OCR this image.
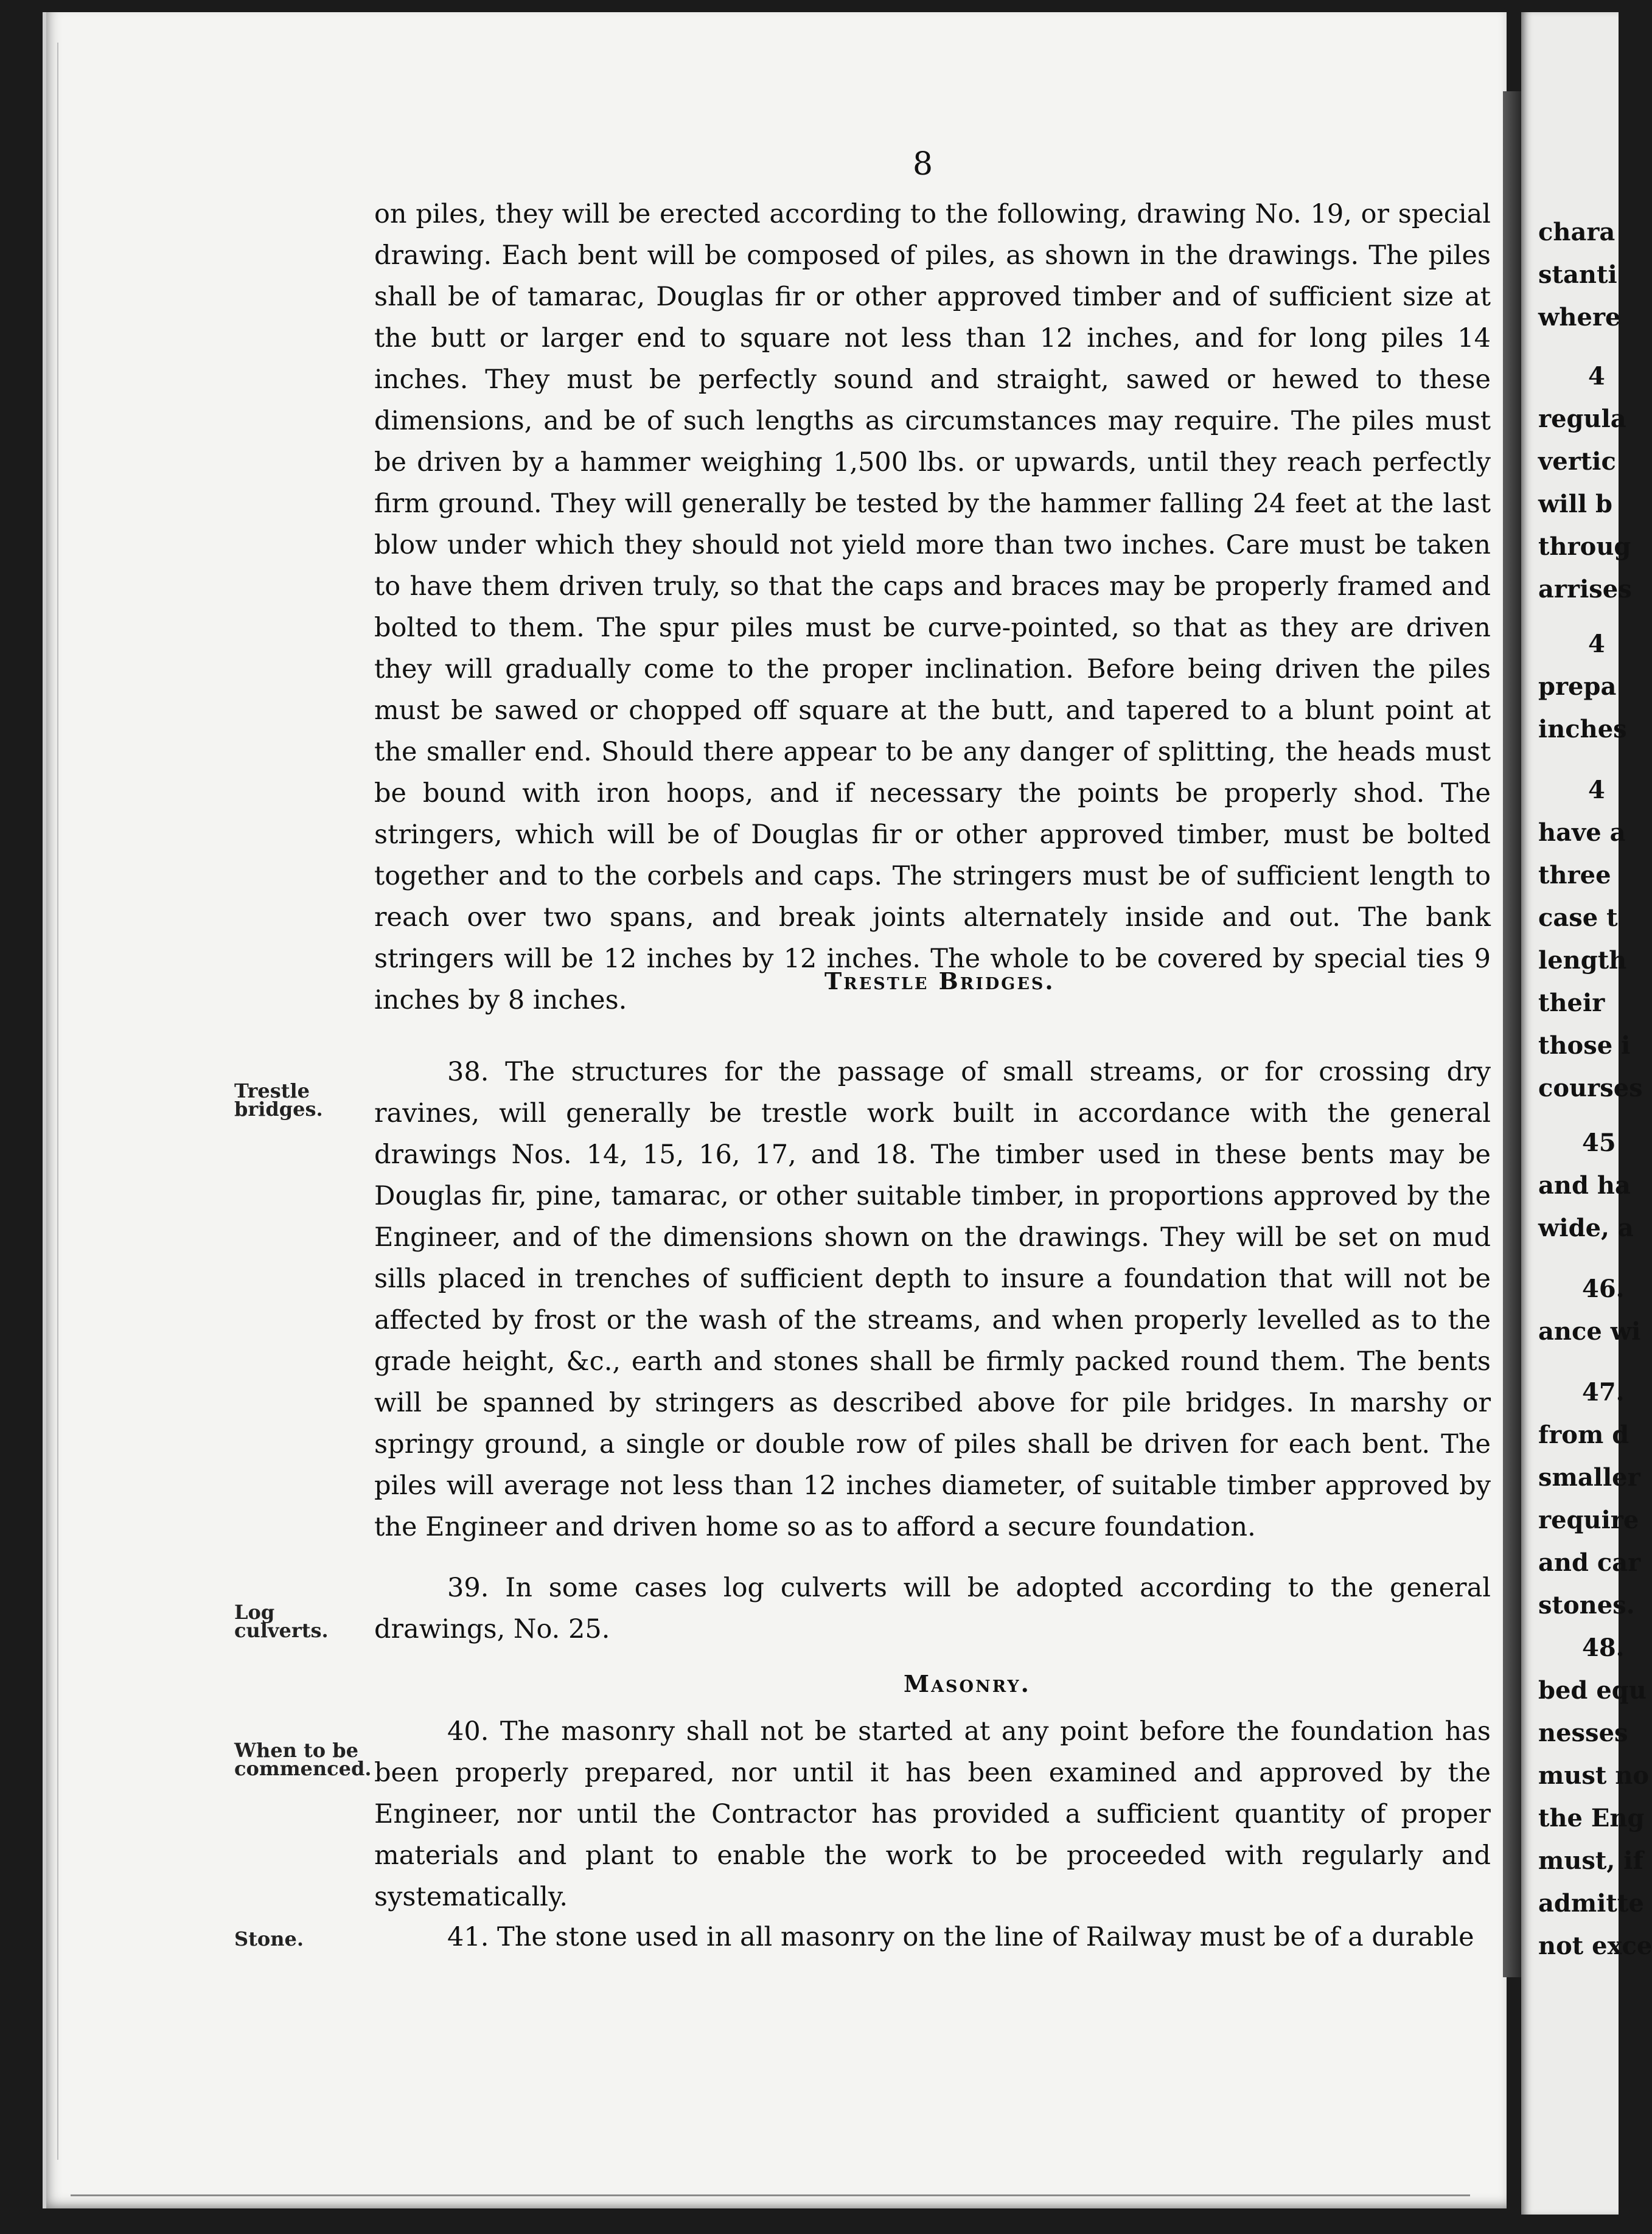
8

on piles, they will be erected according to the following, drawing No. 19, or special drawing. Each bent will be composed of piles, as shown in the drawings. The piles shall be of tamarac, Douglas fir or other approved timber and of sufficient size at the butt or larger end to square not less than 12 inches, and for long piles 14 inches. They must be perfectly sound and straight, sawed or hewed to these dimensions, and be of such lengths as circumstances may require. The piles must be driven by a hammer weighing 1,500 lbs. or upwards, until they reach perfectly firm ground. They will generally be tested by the hammer falling 24 feet at the last blow under which they should not yield more than two inches. Care must be taken to have them driven truly, so that the caps and braces may be properly framed and bolted to them. The spur piles must be curve-pointed, so that as they are driven they will gradually come to the proper inclination. Before being driven the piles must be sawed or chopped off square at the butt, and tapered to a blunt point at the smaller end. Should there appear to be any danger of splitting, the heads must be bound with iron hoops, and if necessary the points be properly shod. The stringers, which will be of Douglas fir or other approved timber, must be bolted together and to the corbels and caps. The stringers must be of sufficient length to reach over two spans, and break joints alternately inside and out. The bank stringers will be 12 inches by 12 inches. The whole to be covered by special ties 9 inches by 8 inches.

Trestle Bridges.
Trestle bridges.

38. The structures for the passage of small streams, or for crossing dry ravines, will generally be trestle work built in accordance with the general drawings Nos. 14, 15, 16, 17, and 18. The timber used in these bents may be Douglas fir, pine, tamarac, or other suitable timber, in proportions approved by the Engineer, and of the dimensions shown on the drawings. They will be set on mud sills placed in trenches of sufficient depth to insure a foundation that will not be affected by frost or the wash of the streams, and when properly levelled as to the grade height, &c., earth and stones shall be firmly packed round them. The bents will be spanned by stringers as described above for pile bridges. In marshy or springy ground, a single or double row of piles shall be driven for each bent. The piles will average not less than 12 inches diameter, of suitable timber approved by the Engineer and driven home so as to afford a secure foundation.

Log culverts.

39. In some cases log culverts will be adopted according to the general drawings, No. 25.

Masonry.
When to be commenced.

40. The masonry shall not be started at any point before the foundation has been properly prepared, nor until it has been examined and approved by the Engineer, nor until the Contractor has provided a sufficient quantity of proper materials and plant to enable the work to be proceeded with regularly and systematically.

Stone.	41. The stone used in all masonry on the line of Railway must be of a durable

chara
stanti
where
4
regula
vertic
will b
throug
arrises
4
prepa
inches
4
have a
three
case t
length
their
those i
courses
45
and ha
wide, a
46.
ance wi
47.
from d
smaller
require
and car
stones.
48.
bed equ
nesses
must no
the Eng
must, if
admitte
not exce
